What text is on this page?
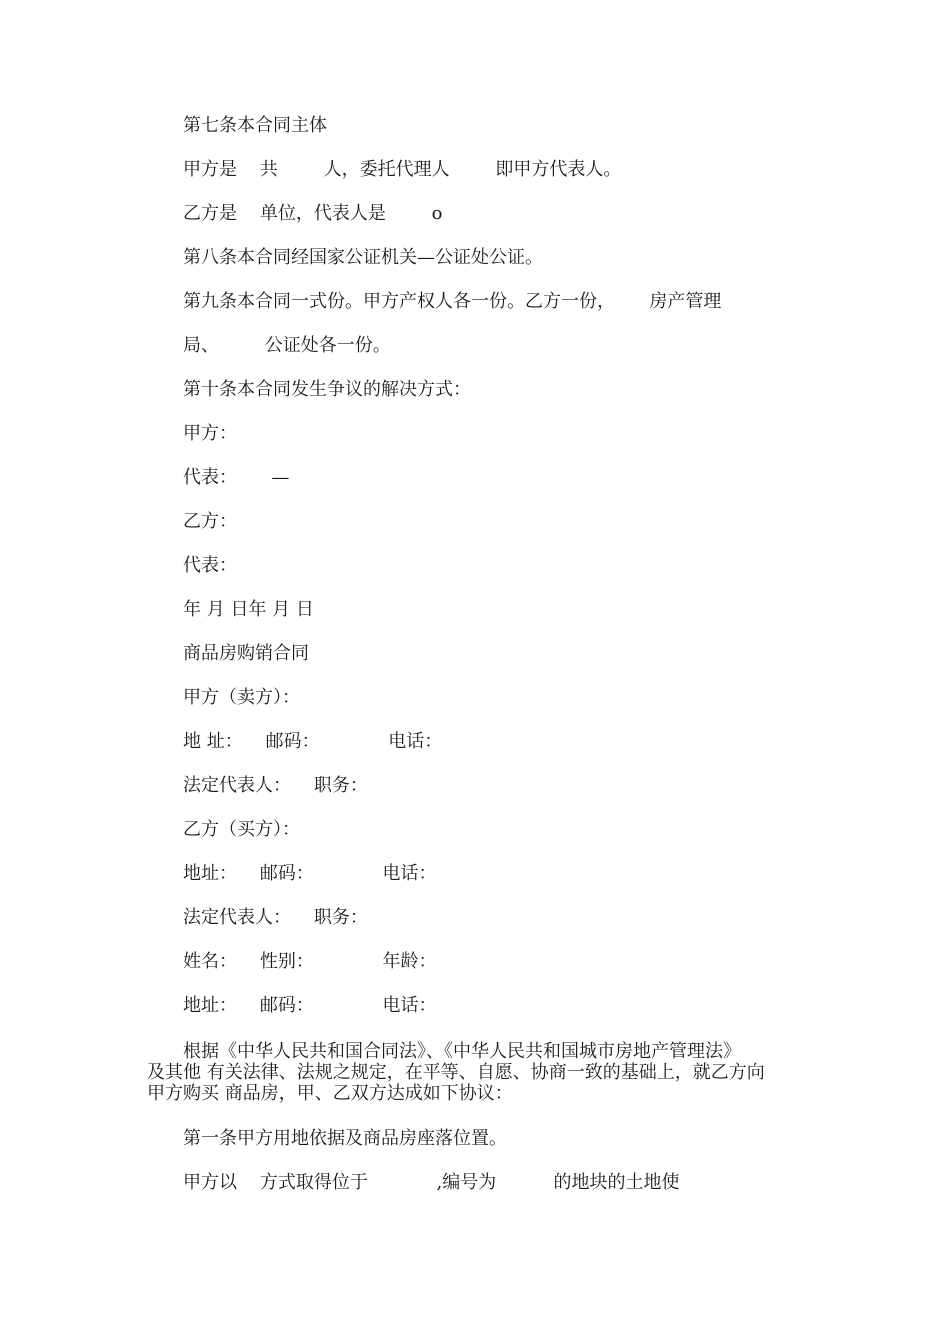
第七条本合同主体
甲方是    共        人，委托代理人        即甲方代表人。
乙方是    单位，代表人是        o
第八条本合同经国家公证机关—公证处公证。
第九条本合同一式份。甲方产权人各一份。乙方一份，      房产管理
局、        公证处各一份。
第十条本合同发生争议的解决方式：
甲方：
代表：      —
乙方：
代表：
年 月 日年 月 日
商品房购销合同
甲方（卖方）：
地 址：    邮码：            电话：
法定代表人：    职务：
乙方（买方）：
地址：    邮码：            电话：
法定代表人：    职务：
姓名：    性别：            年龄：
地址：    邮码：            电话：
根据《中华人民共和国合同法》、《中华人民共和国城市房地产管理法》
及其他 有关法律、法规之规定，在平等、自愿、协商一致的基础上，就乙方向
甲方购买 商品房，甲、乙双方达成如下协议：
第一条甲方用地依据及商品房座落位置。
甲方以    方式取得位于            ,编号为          的地块的土地使
